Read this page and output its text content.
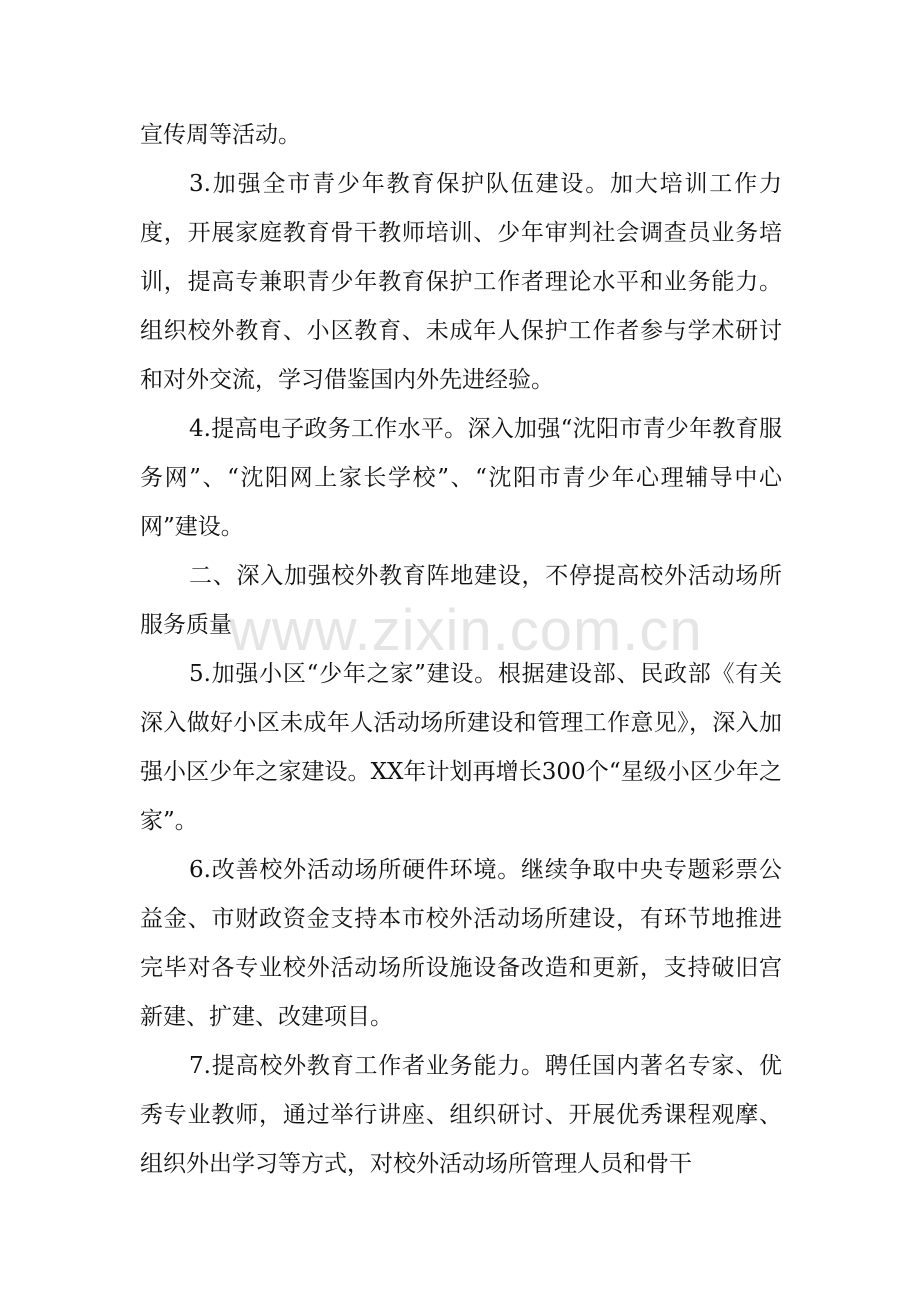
宣传周等活动。

3.加强全市青少年教育保护队伍建设。加大培训工作力度，开展家庭教育骨干教师培训、少年审判社会调查员业务培训，提高专兼职青少年教育保护工作者理论水平和业务能力。组织校外教育、小区教育、未成年人保护工作者参与学术研讨和对外交流，学习借鉴国内外先进经验。

4.提高电子政务工作水平。深入加强“沈阳市青少年教育服务网”、“沈阳网上家长学校”、“沈阳市青少年心理辅导中心网”建设。

二、深入加强校外教育阵地建设，不停提高校外活动场所服务质量

5.加强小区“少年之家”建设。根据建设部、民政部《有关深入做好小区未成年人活动场所建设和管理工作意见》，深入加强小区少年之家建设。XX年计划再增长300个“星级小区少年之家”。

6.改善校外活动场所硬件环境。继续争取中央专题彩票公益金、市财政资金支持本市校外活动场所建设，有环节地推进完毕对各专业校外活动场所设施设备改造和更新，支持破旧宫新建、扩建、改建项目。

7.提高校外教育工作者业务能力。聘任国内著名专家、优秀专业教师，通过举行讲座、组织研讨、开展优秀课程观摩、组织外出学习等方式，对校外活动场所管理人员和骨干

www.zixin.com.cn
